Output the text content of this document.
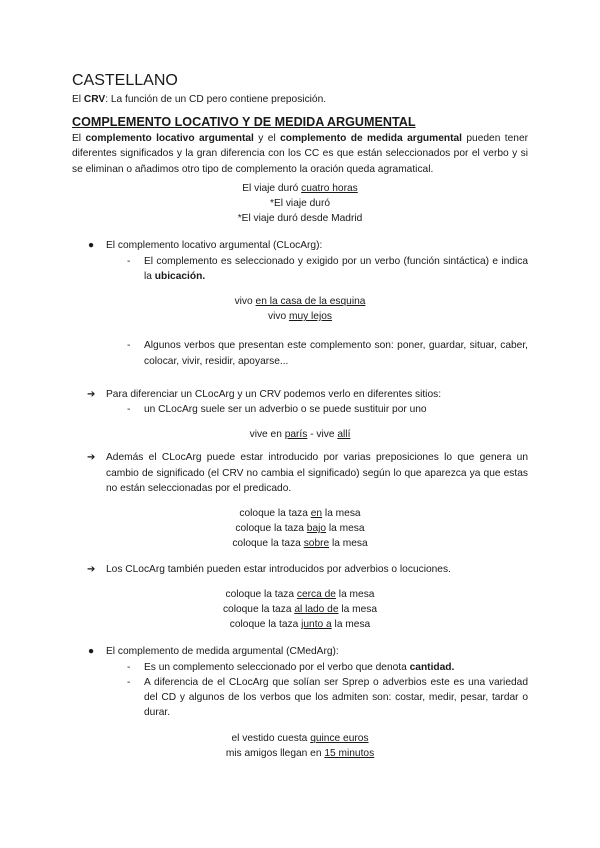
CASTELLANO

El CRV: La función de un CD pero contiene preposición.

COMPLEMENTO LOCATIVO Y DE MEDIDA ARGUMENTAL

El complemento locativo argumental y el complemento de medida argumental pueden tener diferentes significados y la gran diferencia con los CC es que están seleccionados por el verbo y si se eliminan o añadimos otro tipo de complemento la oración queda agramatical.

El viaje duró cuatro horas

*El viaje duró

*El viaje duró desde Madrid

● El complemento locativo argumental (CLocArg):

- El complemento es seleccionado y exigido por un verbo (función sintáctica) e indica la ubicación.

vivo en la casa de la esquina

vivo muy lejos

- Algunos verbos que presentan este complemento son: poner, guardar, situar, caber, colocar, vivir, residir, apoyarse...

➔ Para diferenciar un CLocArg y un CRV podemos verlo en diferentes sitios:

- un CLocArg suele ser un adverbio o se puede sustituir por uno

vive en parís - vive allí

➔ Además el CLocArg puede estar introducido por varias preposiciones lo que genera un cambio de significado (el CRV no cambia el significado) según lo que aparezca ya que estas no están seleccionadas por el predicado.

coloque la taza en la mesa

coloque la taza bajo la mesa

coloque la taza sobre la mesa

➔ Los CLocArg también pueden estar introducidos por adverbios o locuciones.

coloque la taza cerca de la mesa

coloque la taza al lado de la mesa

coloque la taza junto a la mesa

● El complemento de medida argumental (CMedArg):

- Es un complemento seleccionado por el verbo que denota cantidad.

- A diferencia de el CLocArg que solían ser Sprep o adverbios este es una variedad del CD y algunos de los verbos que los admiten son: costar, medir, pesar, tardar o durar.

el vestido cuesta quince euros

mis amigos llegan en 15 minutos
